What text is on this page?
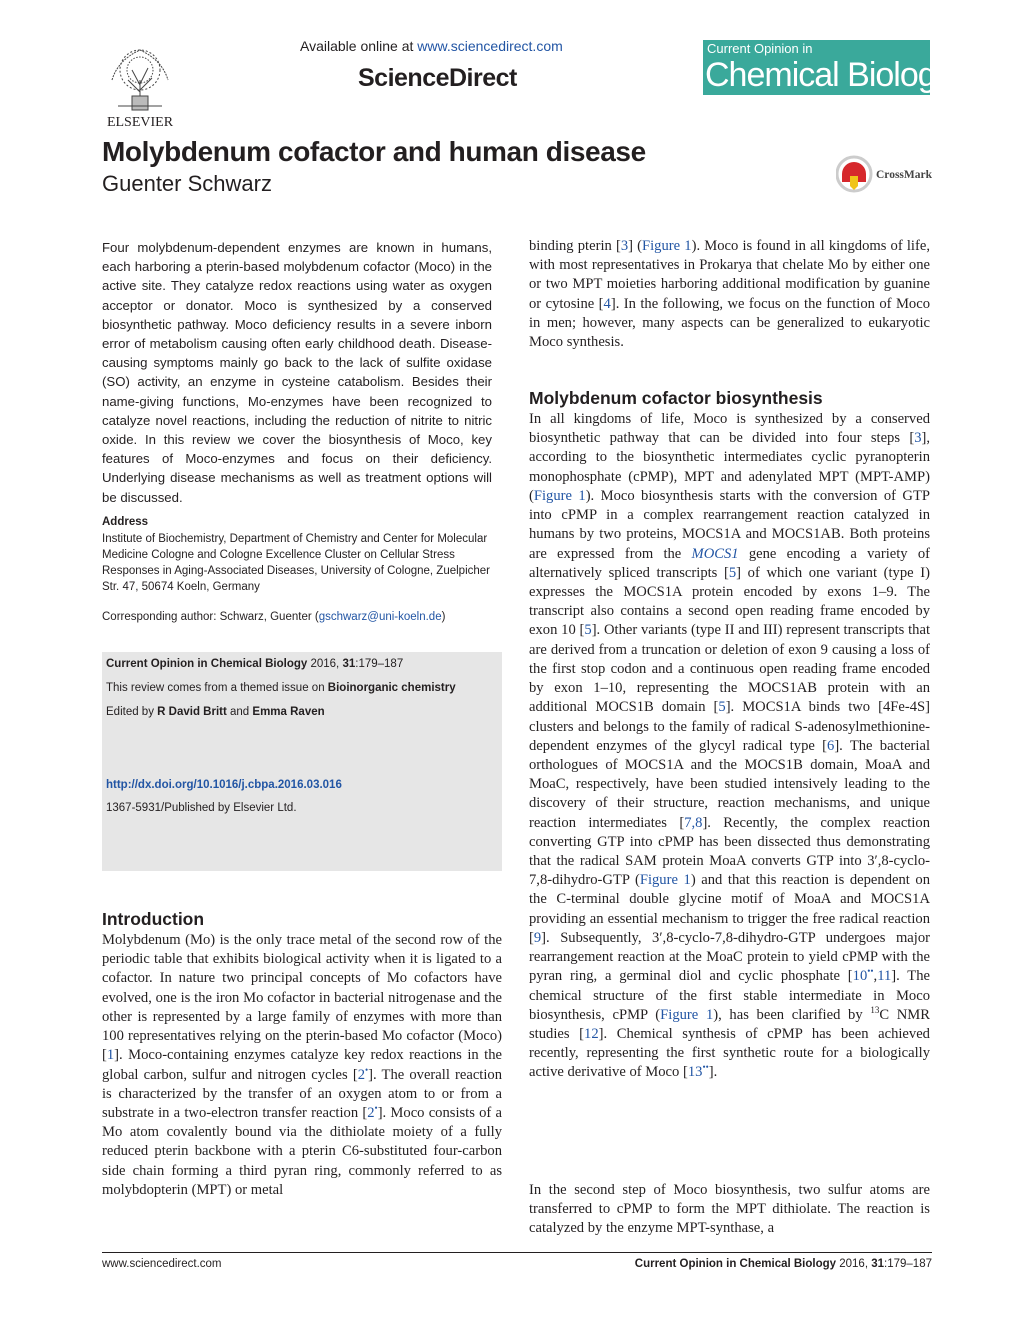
ELSEVIER
Available online at www.sciencedirect.com
ScienceDirect
Current Opinion in
Chemical Biology
CrossMark
Molybdenum cofactor and human disease
Guenter Schwarz
Four molybdenum-dependent enzymes are known in humans, each harboring a pterin-based molybdenum cofactor (Moco) in the active site. They catalyze redox reactions using water as oxygen acceptor or donator. Moco is synthesized by a conserved biosynthetic pathway. Moco deficiency results in a severe inborn error of metabolism causing often early childhood death. Disease-causing symptoms mainly go back to the lack of sulfite oxidase (SO) activity, an enzyme in cysteine catabolism. Besides their name-giving functions, Mo-enzymes have been recognized to catalyze novel reactions, including the reduction of nitrite to nitric oxide. In this review we cover the biosynthesis of Moco, key features of Moco-enzymes and focus on their deficiency. Underlying disease mechanisms as well as treatment options will be discussed.
Address
Institute of Biochemistry, Department of Chemistry and Center for Molecular Medicine Cologne and Cologne Excellence Cluster on Cellular Stress Responses in Aging-Associated Diseases, University of Cologne, Zuelpicher Str. 47, 50674 Koeln, Germany
Corresponding author: Schwarz, Guenter (gschwarz@uni-koeln.de)
Current Opinion in Chemical Biology 2016, 31:179–187
This review comes from a themed issue on Bioinorganic chemistry
Edited by R David Britt and Emma Raven
http://dx.doi.org/10.1016/j.cbpa.2016.03.016
1367-5931/Published by Elsevier Ltd.
Introduction
Molybdenum (Mo) is the only trace metal of the second row of the periodic table that exhibits biological activity when it is ligated to a cofactor. In nature two principal concepts of Mo cofactors have evolved, one is the iron Mo cofactor in bacterial nitrogenase and the other is represented by a large family of enzymes with more than 100 representatives relying on the pterin-based Mo cofactor (Moco) [1]. Moco-containing enzymes catalyze key redox reactions in the global carbon, sulfur and nitrogen cycles [2•]. The overall reaction is characterized by the transfer of an oxygen atom to or from a substrate in a two-electron transfer reaction [2•]. Moco consists of a Mo atom covalently bound via the dithiolate moiety of a fully reduced pterin backbone with a pterin C6-substituted four-carbon side chain forming a third pyran ring, commonly referred to as molybdopterin (MPT) or metal
binding pterin [3] (Figure 1). Moco is found in all kingdoms of life, with most representatives in Prokarya that chelate Mo by either one or two MPT moieties harboring additional modification by guanine or cytosine [4]. In the following, we focus on the function of Moco in men; however, many aspects can be generalized to eukaryotic Moco synthesis.
Molybdenum cofactor biosynthesis
In all kingdoms of life, Moco is synthesized by a conserved biosynthetic pathway that can be divided into four steps [3], according to the biosynthetic intermediates cyclic pyranopterin monophosphate (cPMP), MPT and adenylated MPT (MPT-AMP) (Figure 1). Moco biosynthesis starts with the conversion of GTP into cPMP in a complex rearrangement reaction catalyzed in humans by two proteins, MOCS1A and MOCS1AB. Both proteins are expressed from the MOCS1 gene encoding a variety of alternatively spliced transcripts [5] of which one variant (type I) expresses the MOCS1A protein encoded by exons 1–9. The transcript also contains a second open reading frame encoded by exon 10 [5]. Other variants (type II and III) represent transcripts that are derived from a truncation or deletion of exon 9 causing a loss of the first stop codon and a continuous open reading frame encoded by exon 1–10, representing the MOCS1AB protein with an additional MOCS1B domain [5]. MOCS1A binds two [4Fe-4S] clusters and belongs to the family of radical S-adenosylmethionine-dependent enzymes of the glycyl radical type [6]. The bacterial orthologues of MOCS1A and the MOCS1B domain, MoaA and MoaC, respectively, have been studied intensively leading to the discovery of their structure, reaction mechanisms, and unique reaction intermediates [7,8]. Recently, the complex reaction converting GTP into cPMP has been dissected thus demonstrating that the radical SAM protein MoaA converts GTP into 3′,8-cyclo-7,8-dihydro-GTP (Figure 1) and that this reaction is dependent on the C-terminal double glycine motif of MoaA and MOCS1A providing an essential mechanism to trigger the free radical reaction [9]. Subsequently, 3′,8-cyclo-7,8-dihydro-GTP undergoes major rearrangement reaction at the MoaC protein to yield cPMP with the pyran ring, a germinal diol and cyclic phosphate [10••,11]. The chemical structure of the first stable intermediate in Moco biosynthesis, cPMP (Figure 1), has been clarified by $^{13}$C NMR studies [12]. Chemical synthesis of cPMP has been achieved recently, representing the first synthetic route for a biologically active derivative of Moco [13••].
In the second step of Moco biosynthesis, two sulfur atoms are transferred to cPMP to form the MPT dithiolate. The reaction is catalyzed by the enzyme MPT-synthase, a
www.sciencedirect.com	Current Opinion in Chemical Biology 2016, 31:179–187
